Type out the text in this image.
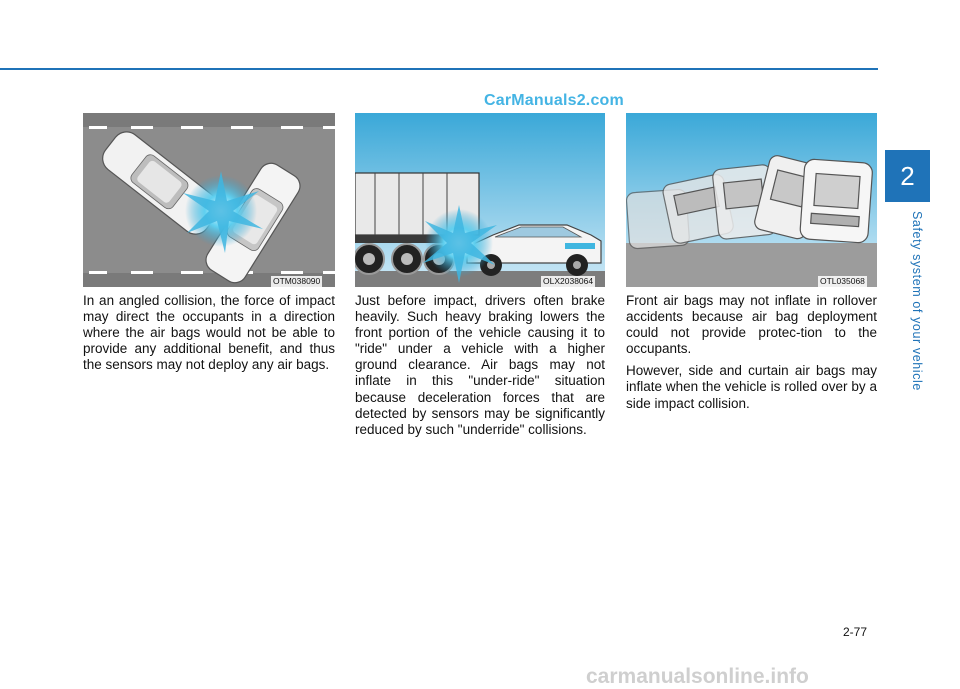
CarManuals2.com
OTM038090	OLX2038064	OTL035068

In an angled collision, the force of impact may direct the occupants in a direction where the air bags would not be able to provide any additional benefit, and thus the sensors may not deploy any air bags.

Just before impact, drivers often brake heavily. Such heavy braking lowers the front portion of the vehicle causing it to "ride" under a vehicle with a higher ground clearance. Air bags may not inflate in this "under-ride" situation because deceleration forces that are detected by sensors may be significantly reduced by such "underride" collisions.

Front air bags may not inflate in rollover accidents because air bag deployment could not provide protec-tion to the occupants.

However, side and curtain air bags may inflate when the vehicle is rolled over by a side impact collision.

2
Safety system of your vehicle
2-77
carmanualsonline.info
